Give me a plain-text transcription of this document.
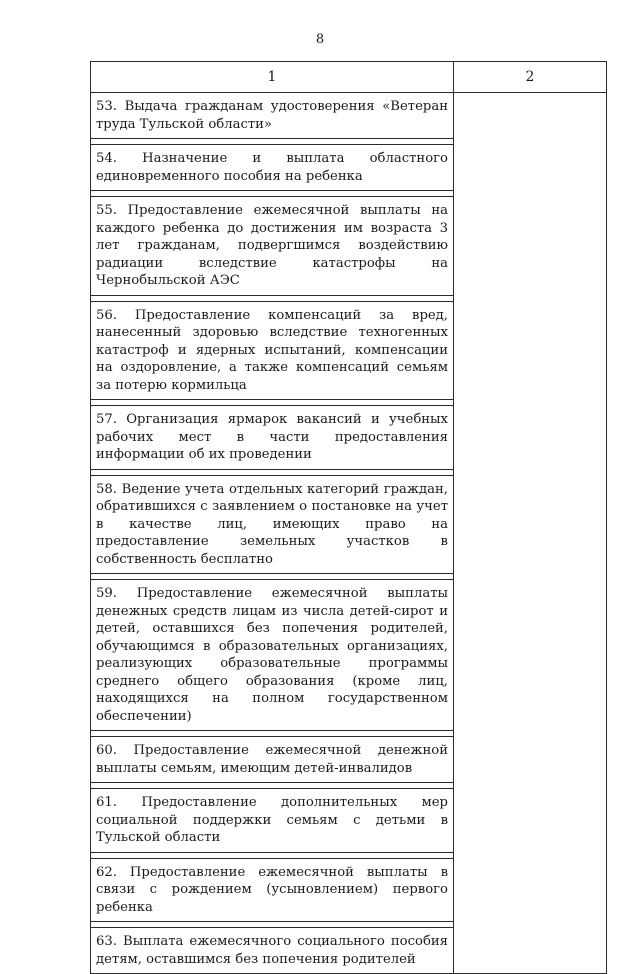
8
1	2
53. Выдача гражданам удостоверения «Ветеран труда Тульской области»
54. Назначение и выплата областного единовременного пособия на ребенка
55. Предоставление ежемесячной выплаты на каждого ребенка до достижения им возраста 3 лет гражданам, подвергшимся воздействию радиации вследствие катастрофы на Чернобыльской АЭС
56. Предоставление компенсаций за вред, нанесенный здоровью вследствие техногенных катастроф и ядерных испытаний, компенсации на оздоровление, а также компенсаций семьям за потерю кормильца
57. Организация ярмарок вакансий и учебных рабочих мест в части предоставления информации об их проведении
58. Ведение учета отдельных категорий граждан, обратившихся с заявлением о постановке на учет в качестве лиц, имеющих право на предоставление земельных участков в собственность бесплатно
59. Предоставление ежемесячной выплаты денежных средств лицам из числа детей-сирот и детей, оставшихся без попечения родителей, обучающимся в образовательных организациях, реализующих образовательные программы среднего общего образования (кроме лиц, находящихся на полном государственном обеспечении)
60. Предоставление ежемесячной денежной выплаты семьям, имеющим детей-инвалидов
61. Предоставление дополнительных мер социальной поддержки семьям с детьми в Тульской области
62. Предоставление ежемесячной выплаты в связи с рождением (усыновлением) первого ребенка
63. Выплата ежемесячного социального пособия детям, оставшимся без попечения родителей
